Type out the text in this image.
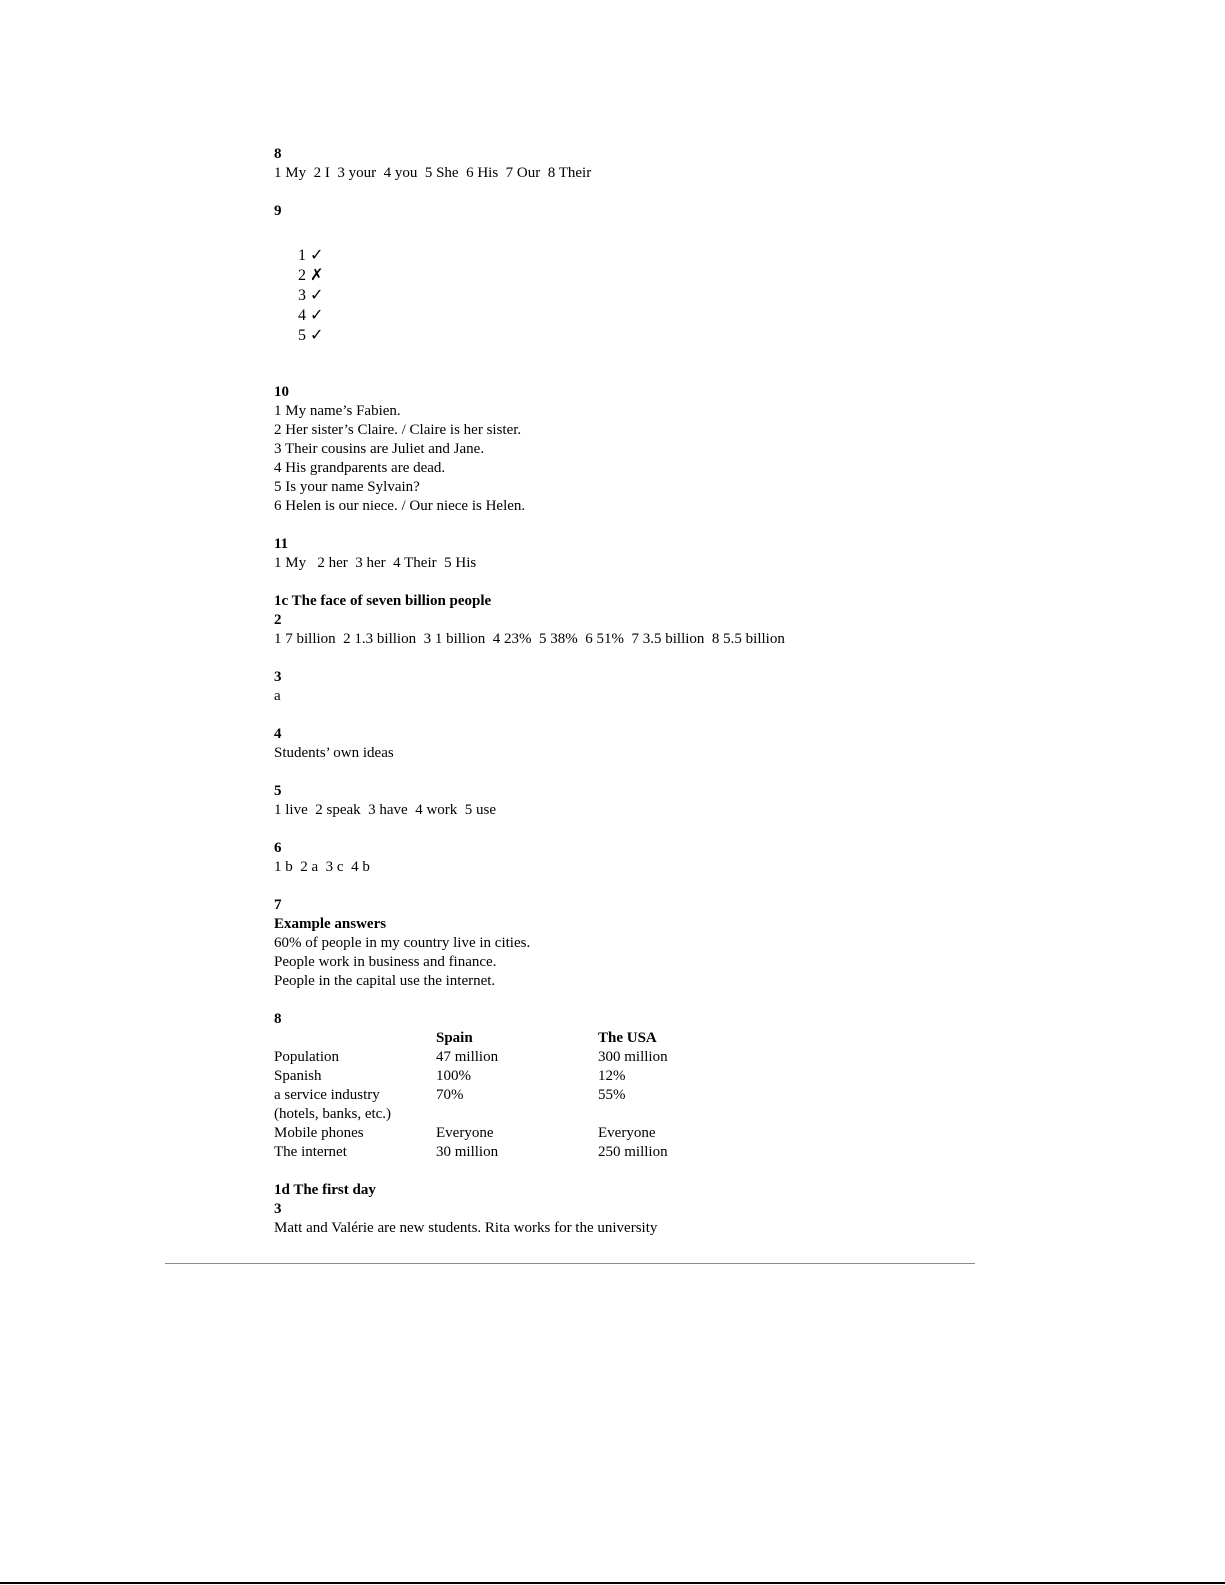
8
1 My  2 I  3 your  4 you  5 She  6 His  7 Our  8 Their
9

1 ✓
2 ✗
3 ✓
4 ✓
5 ✓

10
1 My name’s Fabien.
2 Her sister’s Claire. / Claire is her sister.
3 Their cousins are Juliet and Jane.
4 His grandparents are dead.
5 Is your name Sylvain?
6 Helen is our niece. / Our niece is Helen.
11
1 My   2 her  3 her  4 Their  5 His
1c The face of seven billion people
2
1 7 billion  2 1.3 billion  3 1 billion  4 23%  5 38%  6 51%  7 3.5 billion  8 5.5 billion
3
a
4
Students’ own ideas
5
1 live  2 speak  3 have  4 work  5 use
6
1 b  2 a  3 c  4 b
7
Example answers
60% of people in my country live in cities.
People work in business and finance.
People in the capital use the internet.
8
	Spain	The USA
Population	47 million	300 million
Spanish	100%	12%
a service industry	70%	55%
(hotels, banks, etc.)		
Mobile phones	Everyone	Everyone
The internet	30 million	250 million
1d The first day
3
Matt and Valérie are new students. Rita works for the university
